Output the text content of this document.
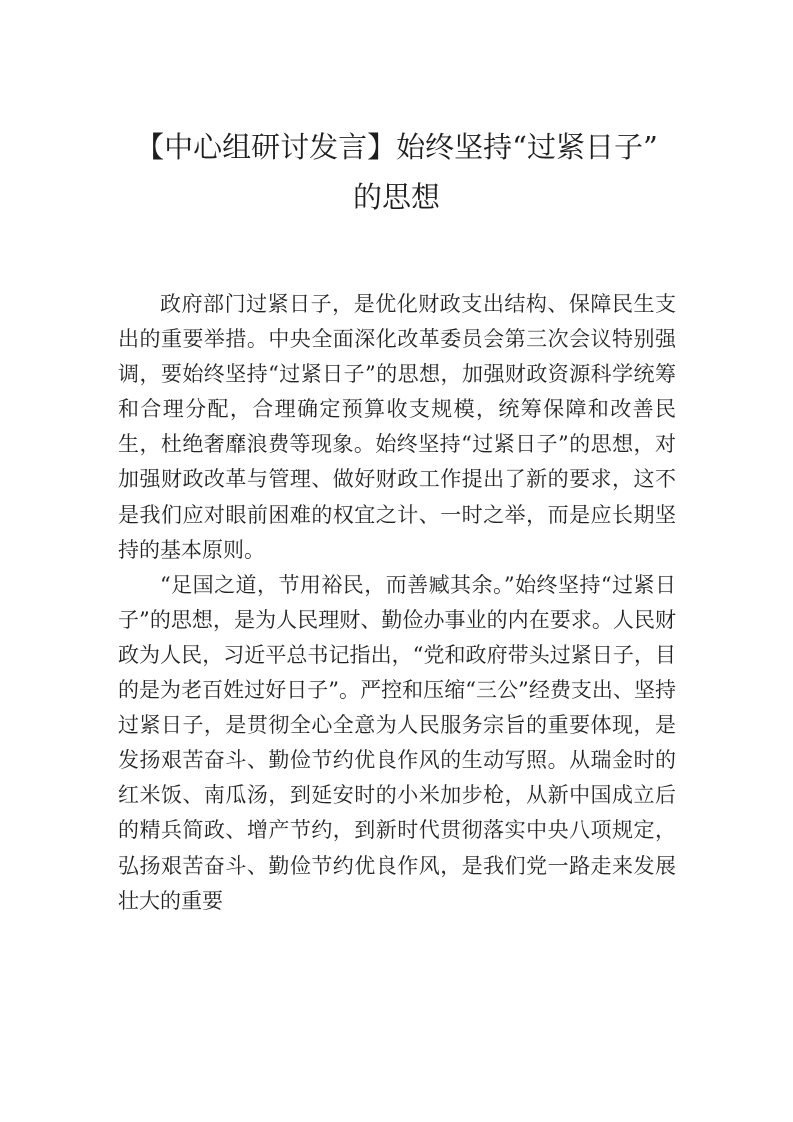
【中心组研讨发言】始终坚持“过紧日子”
的思想

政府部门过紧日子，是优化财政支出结构、保障民生支出的重要举措。中央全面深化改革委员会第三次会议特别强调，要始终坚持“过紧日子”的思想，加强财政资源科学统筹和合理分配，合理确定预算收支规模，统筹保障和改善民生，杜绝奢靡浪费等现象。始终坚持“过紧日子”的思想，对加强财政改革与管理、做好财政工作提出了新的要求，这不是我们应对眼前困难的权宜之计、一时之举，而是应长期坚持的基本原则。

“足国之道，节用裕民，而善臧其余。”始终坚持“过紧日子”的思想，是为人民理财、勤俭办事业的内在要求。人民财政为人民，习近平总书记指出，“党和政府带头过紧日子，目的是为老百姓过好日子”。严控和压缩“三公”经费支出、坚持过紧日子，是贯彻全心全意为人民服务宗旨的重要体现，是发扬艰苦奋斗、勤俭节约优良作风的生动写照。从瑞金时的红米饭、南瓜汤，到延安时的小米加步枪，从新中国成立后的精兵简政、增产节约，到新时代贯彻落实中央八项规定，弘扬艰苦奋斗、勤俭节约优良作风，是我们党一路走来发展壮大的重要
